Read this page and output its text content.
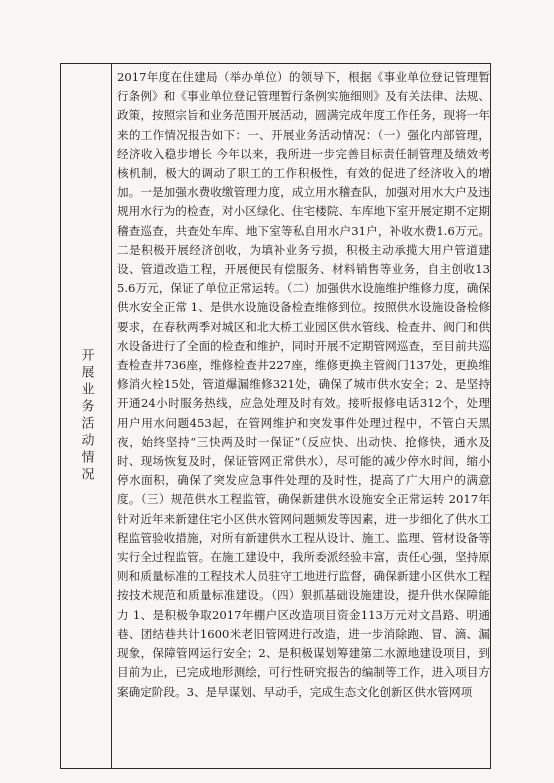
开展业务活动情况

2017年度在住建局（举办单位）的领导下，根据《事业单位登记管理暂行条例》和《事业单位登记管理暂行条例实施细则》及有关法律、法规、政策，按照宗旨和业务范围开展活动，圆满完成年度工作任务，现将一年来的工作情况报告如下：一、开展业务活动情况：（一）强化内部管理，经济收入稳步增长 今年以来，我所进一步完善目标责任制管理及绩效考核机制，极大的调动了职工的工作积极性，有效的促进了经济收入的增加。一是加强水费收缴管理力度，成立用水稽查队，加强对用水大户及违规用水行为的检查，对小区绿化、住宅楼院、车库地下室开展定期不定期稽查巡查，共查处车库、地下室等私自用水户31户，补收水费1.6万元。二是积极开展经济创收，为填补业务亏损，积极主动承揽大用户管道建设、管道改造工程，开展便民有偿服务、材料销售等业务，自主创收135.6万元，保证了单位正常运转。（二）加强供水设施维护维修力度，确保供水安全正常 1、是供水设施设备检查维修到位。按照供水设施设备检修要求，在春秋两季对城区和北大桥工业园区供水管线、检查井、阀门和供水设备进行了全面的检查和维护，同时开展不定期管网巡查，至目前共巡查检查井736座，维修检查井227座，维修更换主管阀门137处，更换维修消火栓15处，管道爆漏维修321处，确保了城市供水安全；2、是坚持开通24小时服务热线，应急处理及时有效。接听报修电话312个，处理用户用水问题453起，在管网维护和突发事件处理过程中，不管白天黑夜，始终坚持“三快两及时一保证”（反应快、出动快、抢修快，通水及时、现场恢复及时，保证管网正常供水），尽可能的减少停水时间，缩小停水面积，确保了突发应急事件处理的及时性，提高了广大用户的满意度。（三）规范供水工程监管，确保新建供水设施安全正常运转 2017年针对近年来新建住宅小区供水管网问题频发等因素，进一步细化了供水工程监管验收措施，对所有新建供水工程从设计、施工、监理、管材设备等实行全过程监管。在施工建设中，我所委派经验丰富，责任心强，坚持原则和质量标准的工程技术人员驻守工地进行监督，确保新建小区供水工程按技术规范和质量标准建设。（四）狠抓基础设施建设，提升供水保障能力 1、是积极争取2017年棚户区改造项目资金113万元对文昌路、明通巷、团结巷共计1600米老旧管网进行改造，进一步消除跑、冒、滴、漏现象，保障管网运行安全；2、是积极谋划筹建第二水源地建设项目，到目前为止，已完成地形测绘，可行性研究报告的编制等工作，进入项目方案确定阶段。3、是早谋划、早动手，完成生态文化创新区供水管网项
